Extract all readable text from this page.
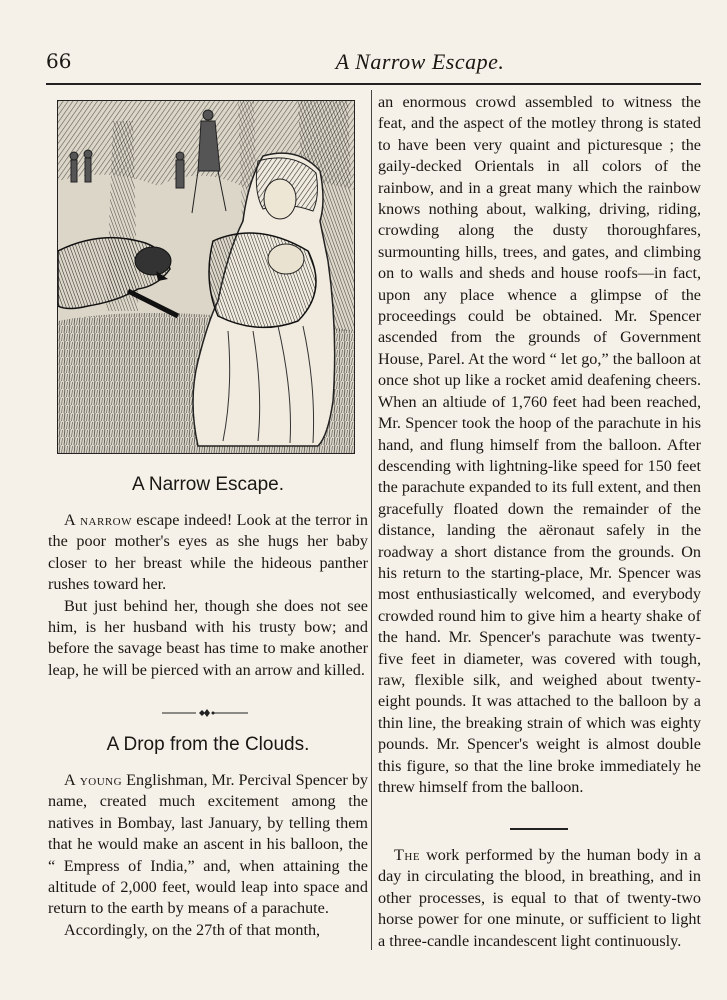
66	A Narrow Escape.
A Narrow Escape.

A narrow escape indeed! Look at the terror in the poor mother's eyes as she hugs her baby closer to her breast while the hideous panther rushes toward her.

But just behind her, though she does not see him, is her husband with his trusty bow; and before the savage beast has time to make another leap, he will be pierced with an arrow and killed.

A Drop from the Clouds.

A young Englishman, Mr. Percival Spencer by name, created much excitement among the natives in Bombay, last January, by telling them that he would make an ascent in his balloon, the “ Empress of India,” and, when attaining the altitude of 2,000 feet, would leap into space and return to the earth by means of a parachute.

Accordingly, on the 27th of that month,

an enormous crowd assembled to witness the feat, and the aspect of the motley throng is stated to have been very quaint and picturesque ; the gaily-decked Orientals in all colors of the rainbow, and in a great many which the rainbow knows nothing about, walking, driving, riding, crowding along the dusty thoroughfares, surmounting hills, trees, and gates, and climbing on to walls and sheds and house roofs—in fact, upon any place whence a glimpse of the proceedings could be obtained. Mr. Spencer ascended from the grounds of Government House, Parel. At the word “ let go,” the balloon at once shot up like a rocket amid deafening cheers. When an altiude of 1,760 feet had been reached, Mr. Spencer took the hoop of the parachute in his hand, and flung himself from the balloon. After descending with lightning-like speed for 150 feet the parachute expanded to its full extent, and then gracefully floated down the remainder of the distance, landing the aëronaut safely in the roadway a short distance from the grounds. On his return to the starting-place, Mr. Spencer was most enthusiastically welcomed, and everybody crowded round him to give him a hearty shake of the hand. Mr. Spencer's parachute was twenty-five feet in diameter, was covered with tough, raw, flexible silk, and weighed about twenty-eight pounds. It was attached to the balloon by a thin line, the breaking strain of which was eighty pounds. Mr. Spencer's weight is almost double this figure, so that the line broke immediately he threw himself from the balloon.

The work performed by the human body in a day in circulating the blood, in breathing, and in other processes, is equal to that of twenty-two horse power for one minute, or sufficient to light a three-candle incandescent light continuously.
